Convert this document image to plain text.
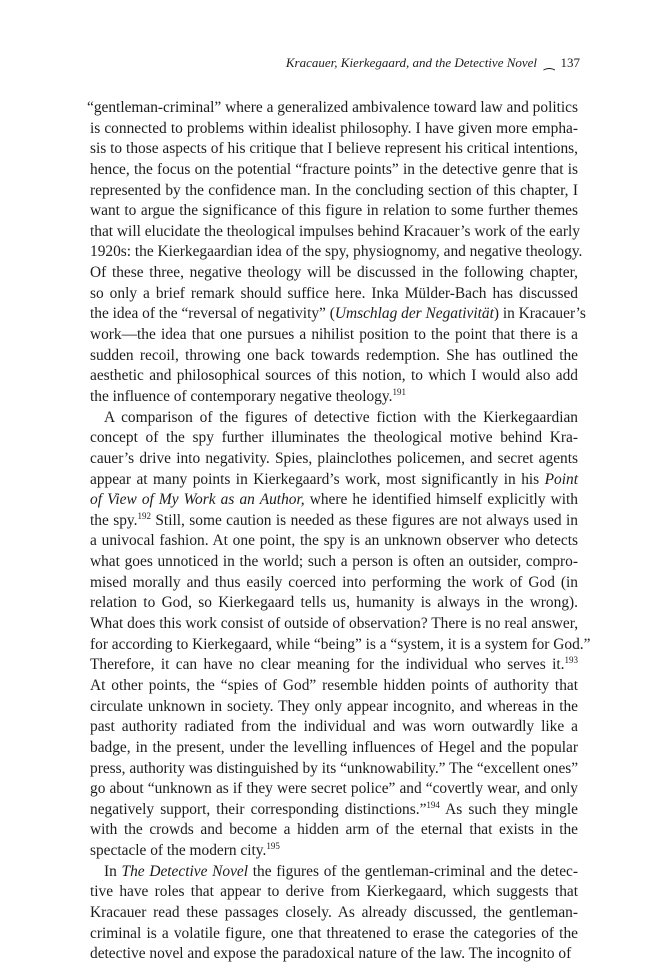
Kracauer, Kierkegaard, and the Detective Novel ⁔ 137
“gentleman-criminal” where a generalized ambivalence toward law and politics
is connected to problems within idealist philosophy. I have given more empha-
sis to those aspects of his critique that I believe represent his critical intentions,
hence, the focus on the potential “fracture points” in the detective genre that is
represented by the confidence man. In the concluding section of this chapter, I
want to argue the significance of this figure in relation to some further themes
that will elucidate the theological impulses behind Kracauer’s work of the early
1920s: the Kierkegaardian idea of the spy, physiognomy, and negative theology.
Of these three, negative theology will be discussed in the following chapter,
so only a brief remark should suffice here. Inka Mülder-Bach has discussed
the idea of the “reversal of negativity” (Umschlag der Negativität) in Kracauer’s
work—the idea that one pursues a nihilist position to the point that there is a
sudden recoil, throwing one back towards redemption. She has outlined the
aesthetic and philosophical sources of this notion, to which I would also add
the influence of contemporary negative theology.$^{191}$
A comparison of the figures of detective fiction with the Kierkegaardian
concept of the spy further illuminates the theological motive behind Kra-
cauer’s drive into negativity. Spies, plainclothes policemen, and secret agents
appear at many points in Kierkegaard’s work, most significantly in his Point
of View of My Work as an Author, where he identified himself explicitly with
the spy.$^{192}$ Still, some caution is needed as these figures are not always used in
a univocal fashion. At one point, the spy is an unknown observer who detects
what goes unnoticed in the world; such a person is often an outsider, compro-
mised morally and thus easily coerced into performing the work of God (in
relation to God, so Kierkegaard tells us, humanity is always in the wrong).
What does this work consist of outside of observation? There is no real answer,
for according to Kierkegaard, while “being” is a “system, it is a system for God.”
Therefore, it can have no clear meaning for the individual who serves it.$^{193}$
At other points, the “spies of God” resemble hidden points of authority that
circulate unknown in society. They only appear incognito, and whereas in the
past authority radiated from the individual and was worn outwardly like a
badge, in the present, under the levelling influences of Hegel and the popular
press, authority was distinguished by its “unknowability.” The “excellent ones”
go about “unknown as if they were secret police” and “covertly wear, and only
negatively support, their corresponding distinctions.”$^{194}$ As such they mingle
with the crowds and become a hidden arm of the eternal that exists in the
spectacle of the modern city.$^{195}$
In The Detective Novel the figures of the gentleman-criminal and the detec-
tive have roles that appear to derive from Kierkegaard, which suggests that
Kracauer read these passages closely. As already discussed, the gentleman-
criminal is a volatile figure, one that threatened to erase the categories of the
detective novel and expose the paradoxical nature of the law. The incognito of
